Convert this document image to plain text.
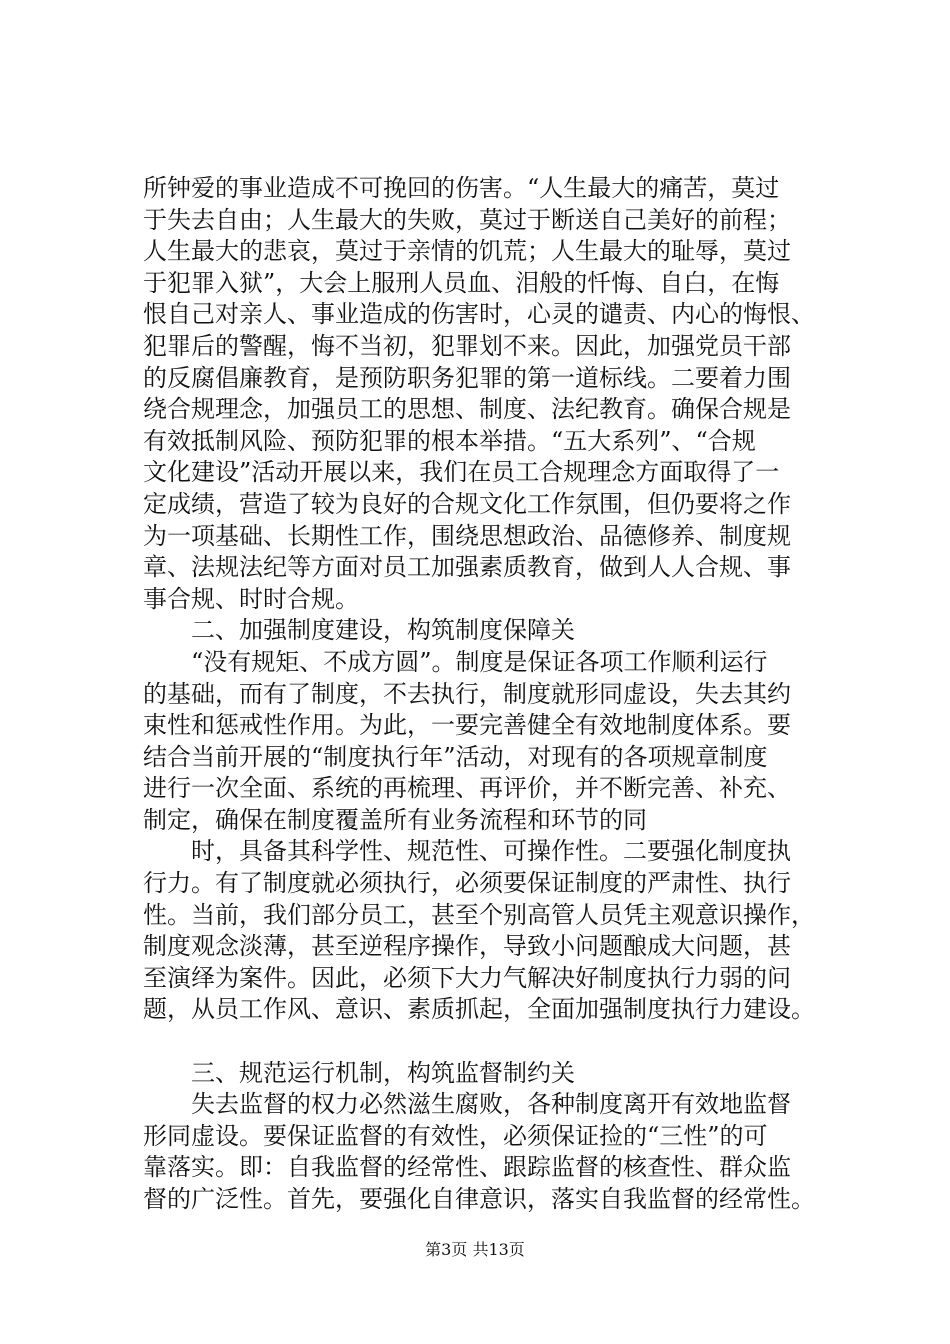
所钟爱的事业造成不可挽回的伤害。“人生最大的痛苦，莫过
于失去自由；人生最大的失败，莫过于断送自己美好的前程；
人生最大的悲哀，莫过于亲情的饥荒；人生最大的耻辱，莫过
于犯罪入狱”，大会上服刑人员血、泪般的忏悔、自白，在悔
恨自己对亲人、事业造成的伤害时，心灵的谴责、内心的悔恨、
犯罪后的警醒，悔不当初，犯罪划不来。因此，加强党员干部
的反腐倡廉教育，是预防职务犯罪的第一道标线。二要着力围
绕合规理念，加强员工的思想、制度、法纪教育。确保合规是
有效抵制风险、预防犯罪的根本举措。“五大系列”、“合规
文化建设”活动开展以来，我们在员工合规理念方面取得了一
定成绩，营造了较为良好的合规文化工作氛围，但仍要将之作
为一项基础、长期性工作，围绕思想政治、品德修养、制度规
章、法规法纪等方面对员工加强素质教育，做到人人合规、事
事合规、时时合规。
　　二、加强制度建设，构筑制度保障关
　　“没有规矩、不成方圆”。制度是保证各项工作顺利运行
的基础，而有了制度，不去执行，制度就形同虚设，失去其约
束性和惩戒性作用。为此，一要完善健全有效地制度体系。要
结合当前开展的“制度执行年”活动，对现有的各项规章制度
进行一次全面、系统的再梳理、再评价，并不断完善、补充、
制定，确保在制度覆盖所有业务流程和环节的同
　　时，具备其科学性、规范性、可操作性。二要强化制度执
行力。有了制度就必须执行，必须要保证制度的严肃性、执行
性。当前，我们部分员工，甚至个别高管人员凭主观意识操作，
制度观念淡薄，甚至逆程序操作，导致小问题酿成大问题，甚
至演绎为案件。因此，必须下大力气解决好制度执行力弱的问
题，从员工作风、意识、素质抓起，全面加强制度执行力建设。
　　三、规范运行机制，构筑监督制约关
　　失去监督的权力必然滋生腐败，各种制度离开有效地监督
形同虚设。要保证监督的有效性，必须保证捡的“三性”的可
靠落实。即：自我监督的经常性、跟踪监督的核查性、群众监
督的广泛性。首先，要强化自律意识，落实自我监督的经常性。
第3页 共13页
